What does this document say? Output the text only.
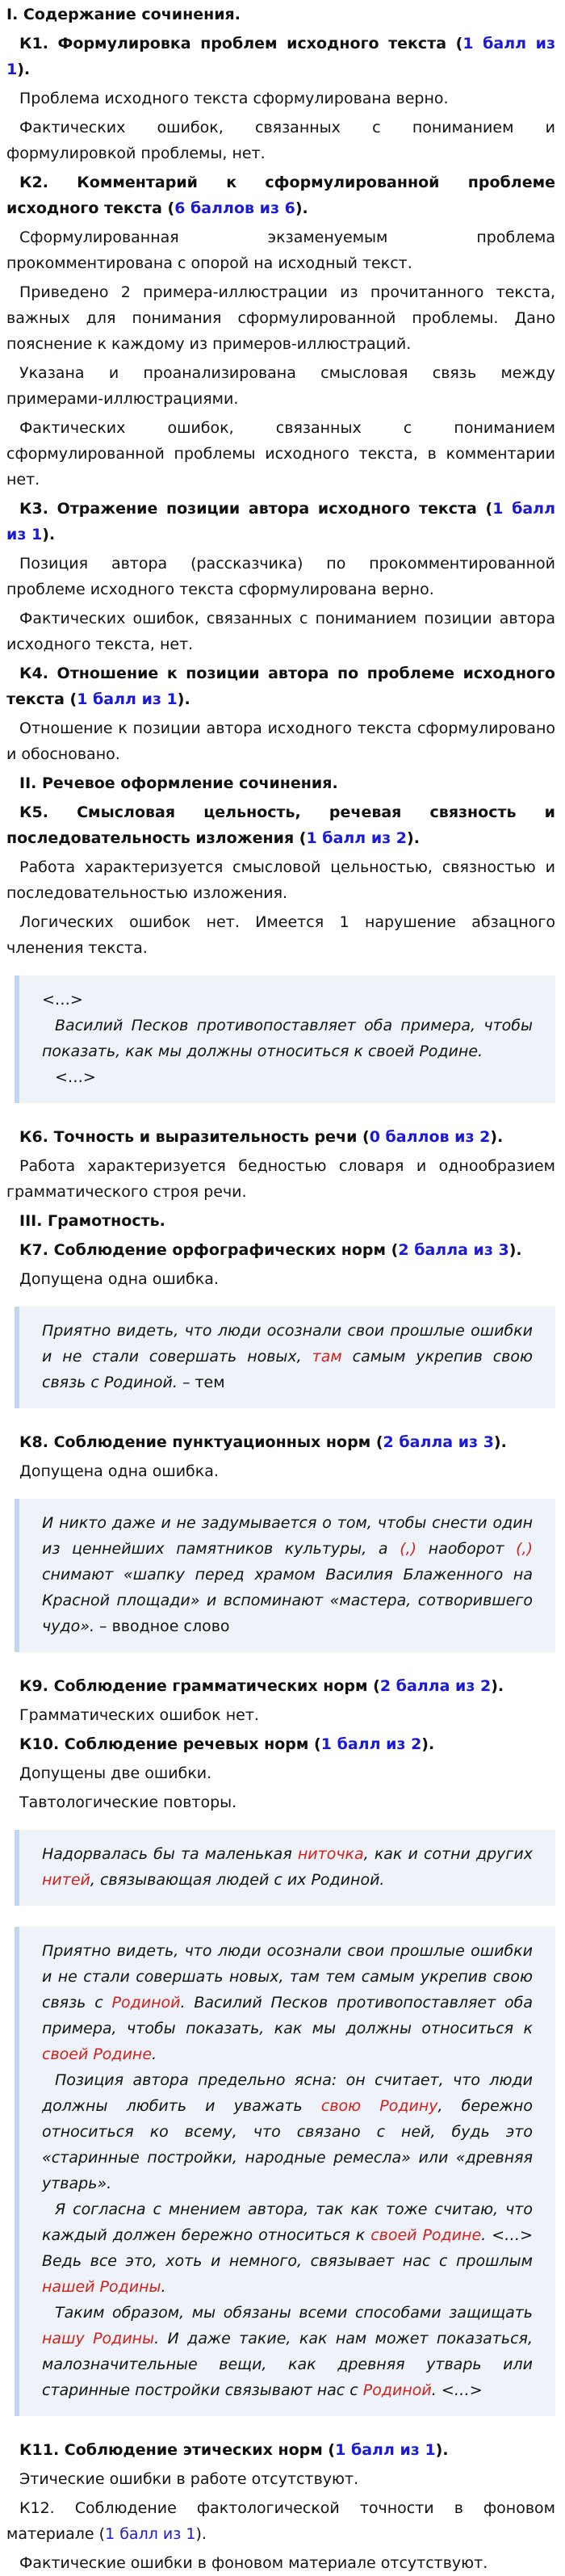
I. Содержание сочинения.

К1. Формулировка проблем исходного текста (1 балл из 1).

Проблема исходного текста сформулирована верно.

Фактических ошибок, связанных с пониманием и формулировкой проблемы, нет.

К2. Комментарий к сформулированной проблеме исходного текста (6 баллов из 6).

Сформулированная экзаменуемым проблема прокомментирована с опорой на исходный текст.

Приведено 2 примера-иллюстрации из прочитанного текста, важных для понимания сформулированной проблемы. Дано пояснение к каждому из примеров-иллюстраций.

Указана и проанализирована смысловая связь между примерами-иллюстрациями.

Фактических ошибок, связанных с пониманием сформулированной проблемы исходного текста, в комментарии нет.

К3. Отражение позиции автора исходного текста (1 балл из 1).

Позиция автора (рассказчика) по прокомментированной проблеме исходного текста сформулирована верно.

Фактических ошибок, связанных с пониманием позиции автора исходного текста, нет.

К4. Отношение к позиции автора по проблеме исходного текста (1 балл из 1).

Отношение к позиции автора исходного текста сформулировано и обосновано.

II. Речевое оформление сочинения.

К5. Смысловая цельность, речевая связность и последовательность изложения (1 балл из 2).

Работа характеризуется смысловой цельностью, связностью и последовательностью изложения.

Логических ошибок нет. Имеется 1 нарушение абзацного членения текста.

<…>

Василий Песков противопоставляет оба примера, чтобы показать, как мы должны относиться к своей Родине.

<…>

К6. Точность и выразительность речи (0 баллов из 2).

Работа характеризуется бедностью словаря и однообразием грамматического строя речи.

III. Грамотность.

К7. Соблюдение орфографических норм (2 балла из 3).

Допущена одна ошибка.

Приятно видеть, что люди осознали свои прошлые ошибки и не стали совершать новых, там самым укрепив свою связь с Родиной. – тем

К8. Соблюдение пунктуационных норм (2 балла из 3).

Допущена одна ошибка.

И никто даже и не задумывается о том, чтобы снести один из ценнейших памятников культуры, а (,) наоборот (,) снимают «шапку перед храмом Василия Блаженного на Красной площади» и вспоминают «мастера, сотворившего чудо». – вводное слово

К9. Соблюдение грамматических норм (2 балла из 2).

Грамматических ошибок нет.

К10. Соблюдение речевых норм (1 балл из 2).

Допущены две ошибки.

Тавтологические повторы.

Надорвалась бы та маленькая ниточка, как и сотни других нитей, связывающая людей с их Родиной.

Приятно видеть, что люди осознали свои прошлые ошибки и не стали совершать новых, там тем самым укрепив свою связь с Родиной. Василий Песков противопоставляет оба примера, чтобы показать, как мы должны относиться к своей Родине.

Позиция автора предельно ясна: он считает, что люди должны любить и уважать свою Родину, бережно относиться ко всему, что связано с ней, будь это «старинные постройки, народные ремесла» или «древняя утварь».

Я согласна с мнением автора, так как тоже считаю, что каждый должен бережно относиться к своей Родине. <…> Ведь все это, хоть и немного, связывает нас с прошлым нашей Родины.

Таким образом, мы обязаны всеми способами защищать нашу Родины. И даже такие, как нам может показаться, малозначительные вещи, как древняя утварь или старинные постройки связывают нас с Родиной. <…>

К11. Соблюдение этических норм (1 балл из 1).

Этические ошибки в работе отсутствуют.

К12. Соблюдение фактологической точности в фоновом материале (1 балл из 1).

Фактические ошибки в фоновом материале отсутствуют.
